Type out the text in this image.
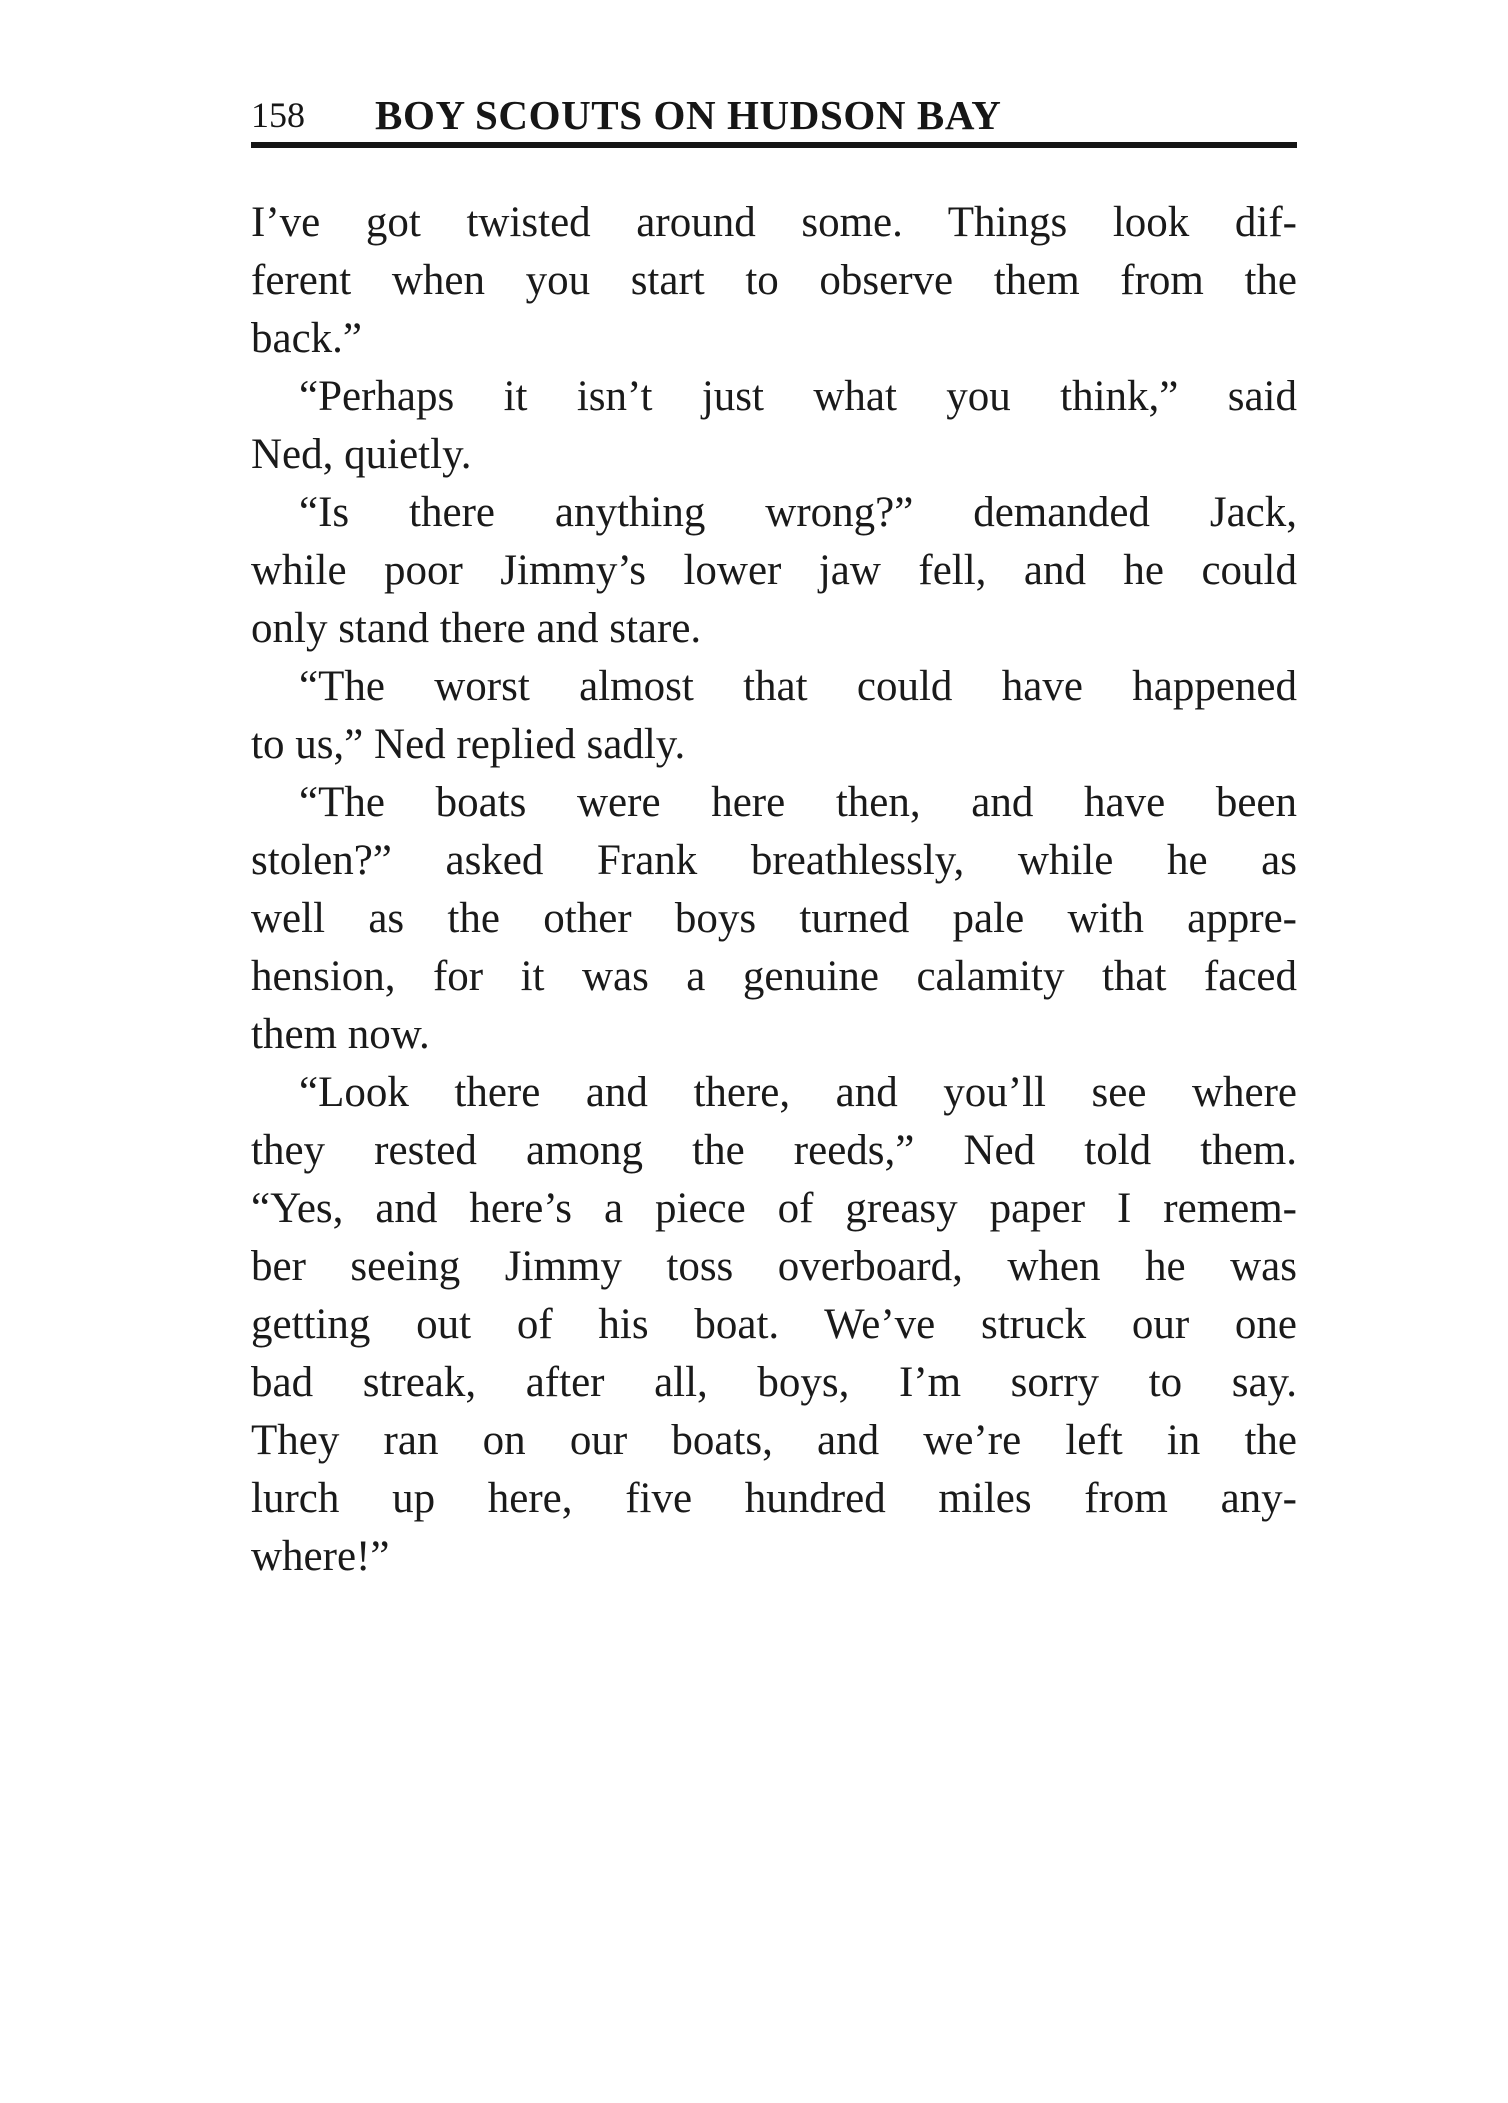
158 BOY SCOUTS ON HUDSON BAY
I’ve got twisted around some. Things look dif-
ferent when you start to observe them from the
back.”
“Perhaps it isn’t just what you think,” said
Ned, quietly.
“Is there anything wrong?” demanded Jack,
while poor Jimmy’s lower jaw fell, and he could
only stand there and stare.
“The worst almost that could have happened
to us,” Ned replied sadly.
“The boats were here then, and have been
stolen?” asked Frank breathlessly, while he as
well as the other boys turned pale with appre-
hension, for it was a genuine calamity that faced
them now.
“Look there and there, and you’ll see where
they rested among the reeds,” Ned told them.
“Yes, and here’s a piece of greasy paper I remem-
ber seeing Jimmy toss overboard, when he was
getting out of his boat. We’ve struck our one
bad streak, after all, boys, I’m sorry to say.
They ran on our boats, and we’re left in the
lurch up here, five hundred miles from any-
where!”
